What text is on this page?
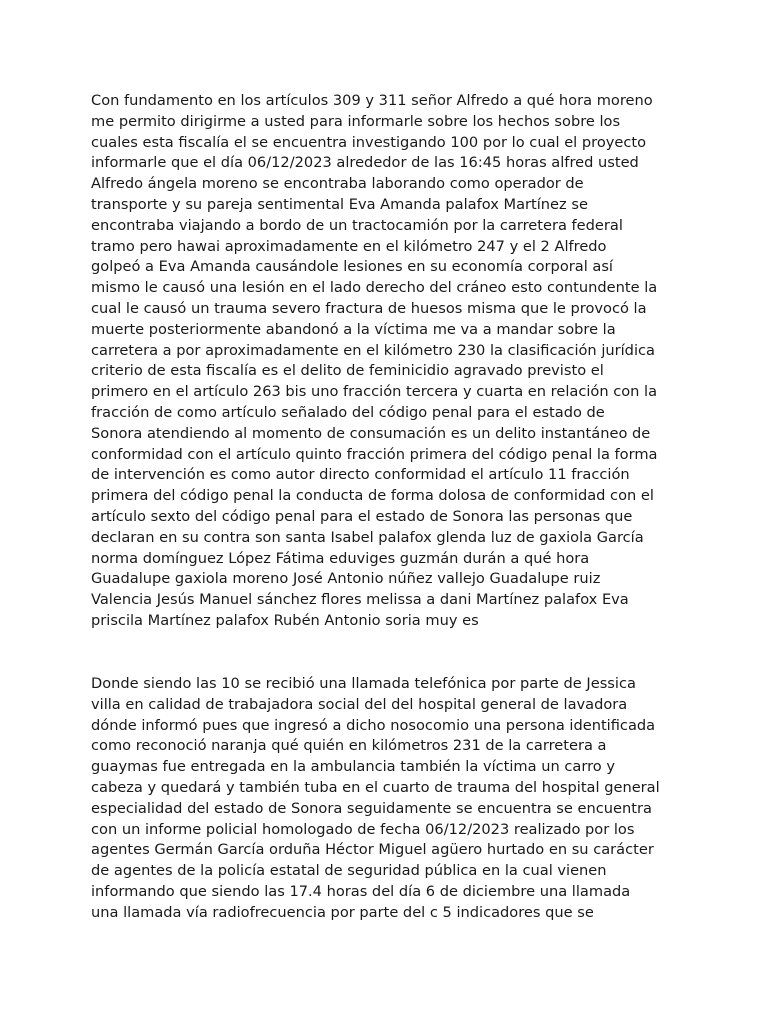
Con fundamento en los artículos 309 y 311 señor Alfredo a qué hora moreno
me permito dirigirme a usted para informarle sobre los hechos sobre los
cuales esta fiscalía el se encuentra investigando 100 por lo cual el proyecto
informarle que el día 06/12/2023 alrededor de las 16:45 horas alfred usted
Alfredo ángela moreno se encontraba laborando como operador de
transporte y su pareja sentimental Eva Amanda palafox Martínez se
encontraba viajando a bordo de un tractocamión por la carretera federal
tramo pero hawai aproximadamente en el kilómetro 247 y el 2 Alfredo
golpeó a Eva Amanda causándole lesiones en su economía corporal así
mismo le causó una lesión en el lado derecho del cráneo esto contundente la
cual le causó un trauma severo fractura de huesos misma que le provocó la
muerte posteriormente abandonó a la víctima me va a mandar sobre la
carretera a por aproximadamente en el kilómetro 230 la clasificación jurídica
criterio de esta fiscalía es el delito de feminicidio agravado previsto el
primero en el artículo 263 bis uno fracción tercera y cuarta en relación con la
fracción de como artículo señalado del código penal para el estado de
Sonora atendiendo al momento de consumación es un delito instantáneo de
conformidad con el artículo quinto fracción primera del código penal la forma
de intervención es como autor directo conformidad el artículo 11 fracción
primera del código penal la conducta de forma dolosa de conformidad con el
artículo sexto del código penal para el estado de Sonora las personas que
declaran en su contra son santa Isabel palafox glenda luz de gaxiola García
norma domínguez López Fátima eduviges guzmán durán a qué hora
Guadalupe gaxiola moreno José Antonio núñez vallejo Guadalupe ruiz
Valencia Jesús Manuel sánchez flores melissa a dani Martínez palafox Eva
priscila Martínez palafox Rubén Antonio soria muy es

Donde siendo las 10 se recibió una llamada telefónica por parte de Jessica
villa en calidad de trabajadora social del del hospital general de lavadora
dónde informó pues que ingresó a dicho nosocomio una persona identificada
como reconoció naranja qué quién en kilómetros 231 de la carretera a
guaymas fue entregada en la ambulancia también la víctima un carro y
cabeza y quedará y también tuba en el cuarto de trauma del hospital general
especialidad del estado de Sonora seguidamente se encuentra se encuentra
con un informe policial homologado de fecha 06/12/2023 realizado por los
agentes Germán García orduña Héctor Miguel agüero hurtado en su carácter
de agentes de la policía estatal de seguridad pública en la cual vienen
informando que siendo las 17.4 horas del día 6 de diciembre una llamada
una llamada vía radiofrecuencia por parte del c 5 indicadores que se
